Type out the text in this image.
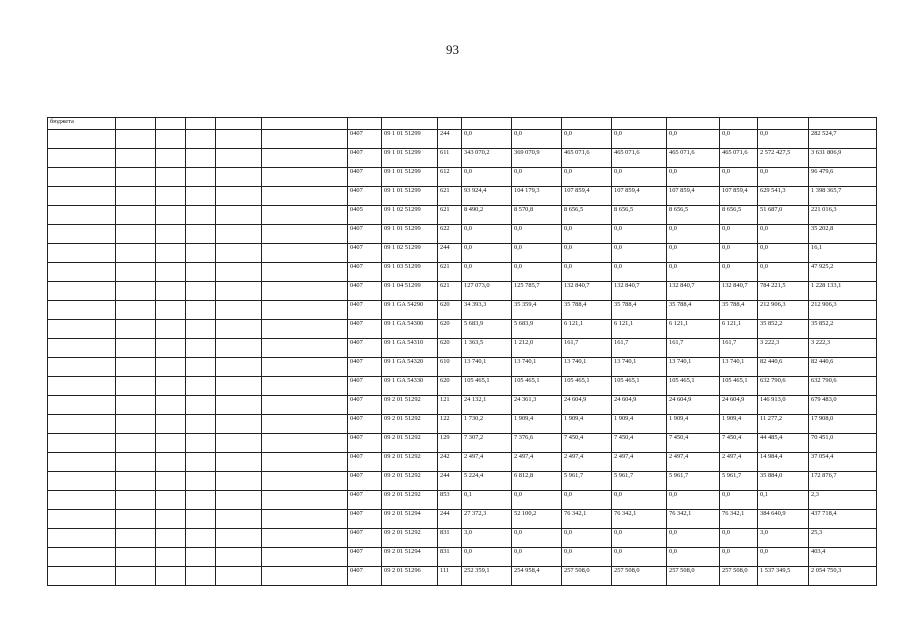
93
бюджета																
						0407	09 1 01 51299	244	0,0	0,0	0,0	0,0	0,0	0,0	0,0	282 524,7
						0407	09 1 01 51299	611	343 070,2	369 070,9	465 071,6	465 071,6	465 071,6	465 071,6	2 572 427,5	3 631 806,9
						0407	09 1 01 51299	612	0,0	0,0	0,0	0,0	0,0	0,0	0,0	96 479,6
						0407	09 1 01 51299	621	93 924,4	104 179,3	107 859,4	107 859,4	107 859,4	107 859,4	629 541,3	1 398 365,7
						0405	09 1 02 51299	621	8 490,2	8 570,8	8 656,5	8 656,5	8 656,5	8 656,5	51 687,0	221 016,3
						0407	09 1 01 51299	622	0,0	0,0	0,0	0,0	0,0	0,0	0,0	35 202,8
						0407	09 1 02 51299	244	0,0	0,0	0,0	0,0	0,0	0,0	0,0	16,1
						0407	09 1 03 51299	621	0,0	0,0	0,0	0,0	0,0	0,0	0,0	47 925,2
						0407	09 1 04 51299	621	127 073,0	125 785,7	132 840,7	132 840,7	132 840,7	132 840,7	784 221,5	1 228 133,1
						0407	09 1 GA 54290	620	34 393,3	35 359,4	35 788,4	35 788,4	35 788,4	35 788,4	212 906,3	212 906,3
						0407	09 1 GA 54300	620	5 683,9	5 683,9	6 121,1	6 121,1	6 121,1	6 121,1	35 852,2	35 852,2
						0407	09 1 GA 54310	620	1 363,5	1 212,0	161,7	161,7	161,7	161,7	3 222,3	3 222,3
						0407	09 1 GA 54320	610	13 740,1	13 740,1	13 740,1	13 740,1	13 740,1	13 740,1	82 440,6	82 440,6
						0407	09 1 GA 54330	620	105 465,1	105 465,1	105 465,1	105 465,1	105 465,1	105 465,1	632 790,6	632 790,6
						0407	09 2 01 51292	121	24 132,1	24 361,3	24 604,9	24 604,9	24 604,9	24 604,9	146 913,0	679 483,0
						0407	09 2 01 51292	122	1 730,2	1 909,4	1 909,4	1 909,4	1 909,4	1 909,4	11 277,2	17 908,0
						0407	09 2 01 51292	129	7 307,2	7 376,6	7 450,4	7 450,4	7 450,4	7 450,4	44 485,4	70 451,0
						0407	09 2 01 51292	242	2 497,4	2 497,4	2 497,4	2 497,4	2 497,4	2 497,4	14 984,4	37 054,4
						0407	09 2 01 51292	244	5 224,4	6 812,8	5 961,7	5 961,7	5 961,7	5 961,7	35 884,0	172 876,7
						0407	09 2 01 51292	853	0,1	0,0	0,0	0,0	0,0	0,0	0,1	2,3
						0407	09 2 01 51294	244	27 372,3	52 100,2	76 342,1	76 342,1	76 342,1	76 342,1	384 640,9	437 718,4
						0407	09 2 01 51292	831	3,0	0,0	0,0	0,0	0,0	0,0	3,0	25,3
						0407	09 2 01 51294	831	0,0	0,0	0,0	0,0	0,0	0,0	0,0	403,4
						0407	09 2 01 51296	111	252 359,1	254 958,4	257 508,0	257 508,0	257 508,0	257 508,0	1 537 349,5	2 054 750,3
